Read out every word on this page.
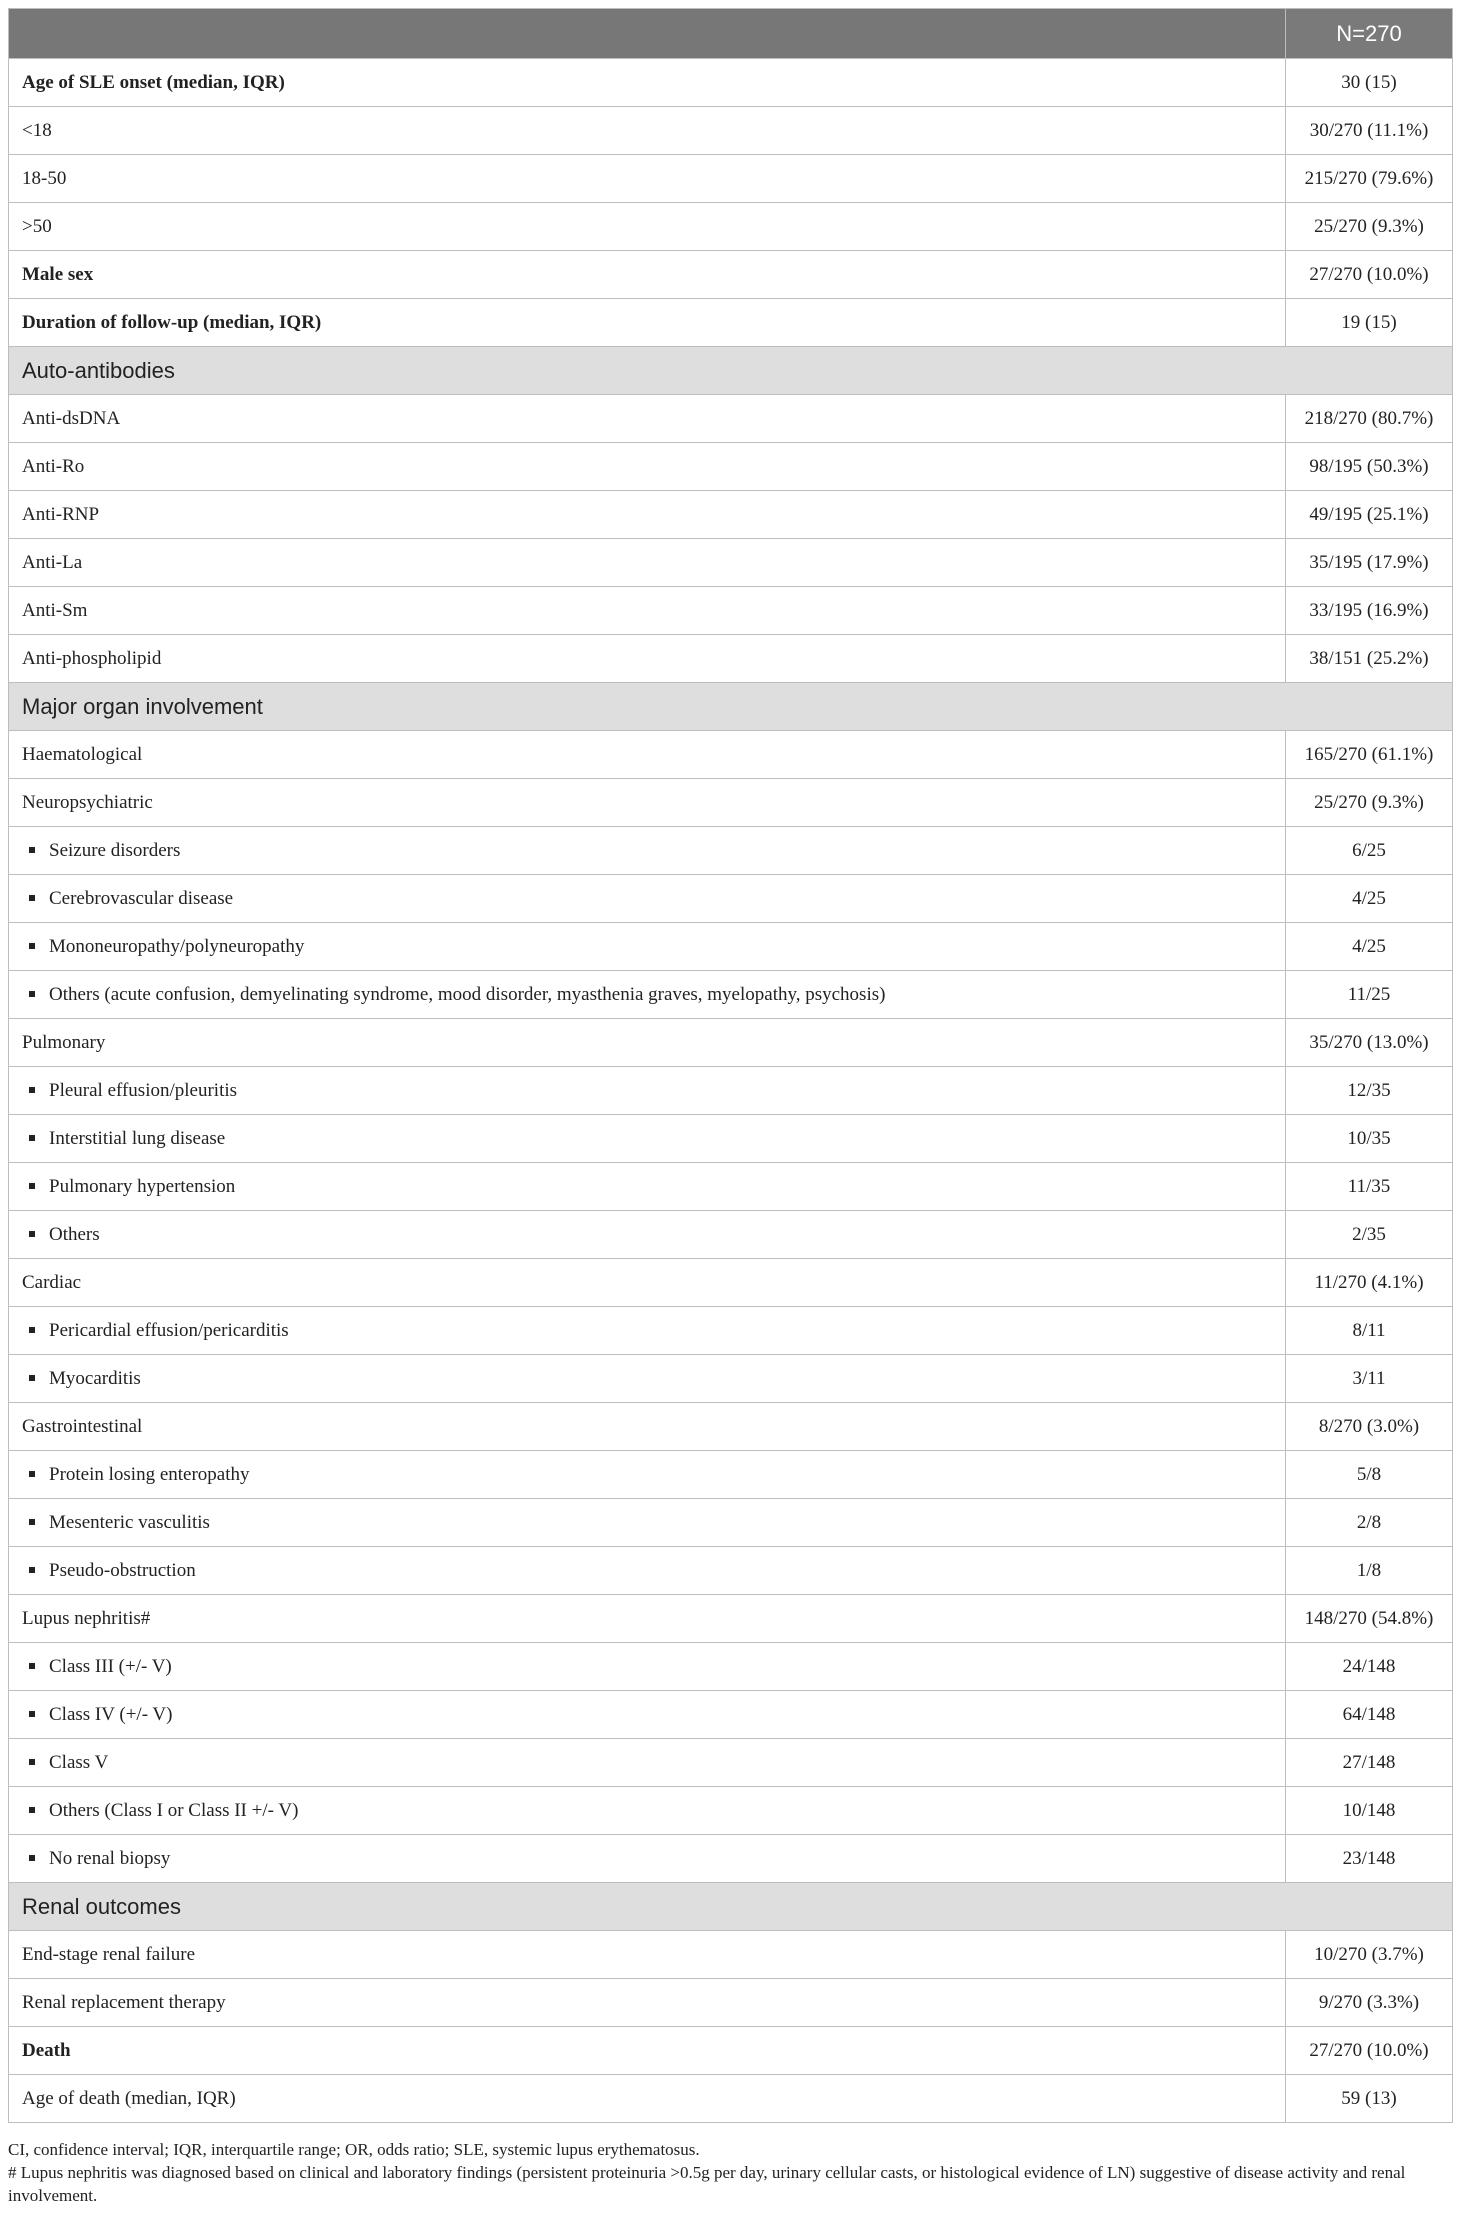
	N=270
Age of SLE onset (median, IQR)	30 (15)
<18	30/270 (11.1%)
18-50	215/270 (79.6%)
>50	25/270 (9.3%)
Male sex	27/270 (10.0%)
Duration of follow-up (median, IQR)	19 (15)
Auto-antibodies	
Anti-dsDNA	218/270 (80.7%)
Anti-Ro	98/195 (50.3%)
Anti-RNP	49/195 (25.1%)
Anti-La	35/195 (17.9%)
Anti-Sm	33/195 (16.9%)
Anti-phospholipid	38/151 (25.2%)
Major organ involvement	
Haematological	165/270 (61.1%)
Neuropsychiatric	25/270 (9.3%)
Seizure disorders	6/25
Cerebrovascular disease	4/25
Mononeuropathy/polyneuropathy	4/25
Others (acute confusion, demyelinating syndrome, mood disorder, myasthenia graves, myelopathy, psychosis)	11/25
Pulmonary	35/270 (13.0%)
Pleural effusion/pleuritis	12/35
Interstitial lung disease	10/35
Pulmonary hypertension	11/35
Others	2/35
Cardiac	11/270 (4.1%)
Pericardial effusion/pericarditis	8/11
Myocarditis	3/11
Gastrointestinal	8/270 (3.0%)
Protein losing enteropathy	5/8
Mesenteric vasculitis	2/8
Pseudo-obstruction	1/8
Lupus nephritis#	148/270 (54.8%)
Class III (+/- V)	24/148
Class IV (+/- V)	64/148
Class V	27/148
Others (Class I or Class II +/- V)	10/148
No renal biopsy	23/148
Renal outcomes	
End-stage renal failure	10/270 (3.7%)
Renal replacement therapy	9/270 (3.3%)
Death	27/270 (10.0%)
Age of death (median, IQR)	59 (13)

CI, confidence interval; IQR, interquartile range; OR, odds ratio; SLE, systemic lupus erythematosus.

# Lupus nephritis was diagnosed based on clinical and laboratory findings (persistent proteinuria >0.5g per day, urinary cellular casts, or histological evidence of LN) suggestive of disease activity and renal involvement.
